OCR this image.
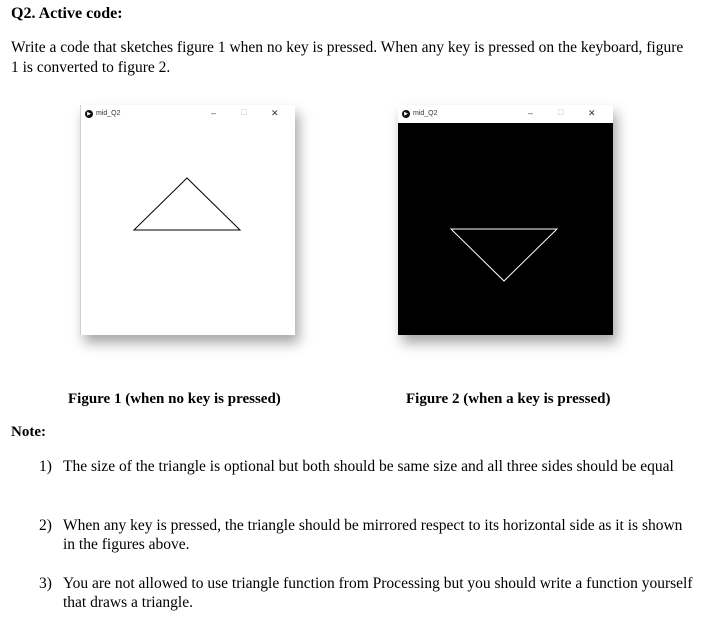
Q2. Active code:
Write a code that sketches figure 1 when no key is pressed. When any key is pressed on the keyboard, figure 1 is converted to figure 2.
▶ mid_Q2	–	□	✕	▶ mid_Q2	–	□	✕
Figure 1 (when no key is pressed)	Figure 2 (when a key is pressed)
Note:
1) The size of the triangle is optional but both should be same size and all three sides should be equal
2) When any key is pressed, the triangle should be mirrored respect to its horizontal side as it is shown in the figures above.
3) You are not allowed to use triangle function from Processing but you should write a function yourself that draws a triangle.
